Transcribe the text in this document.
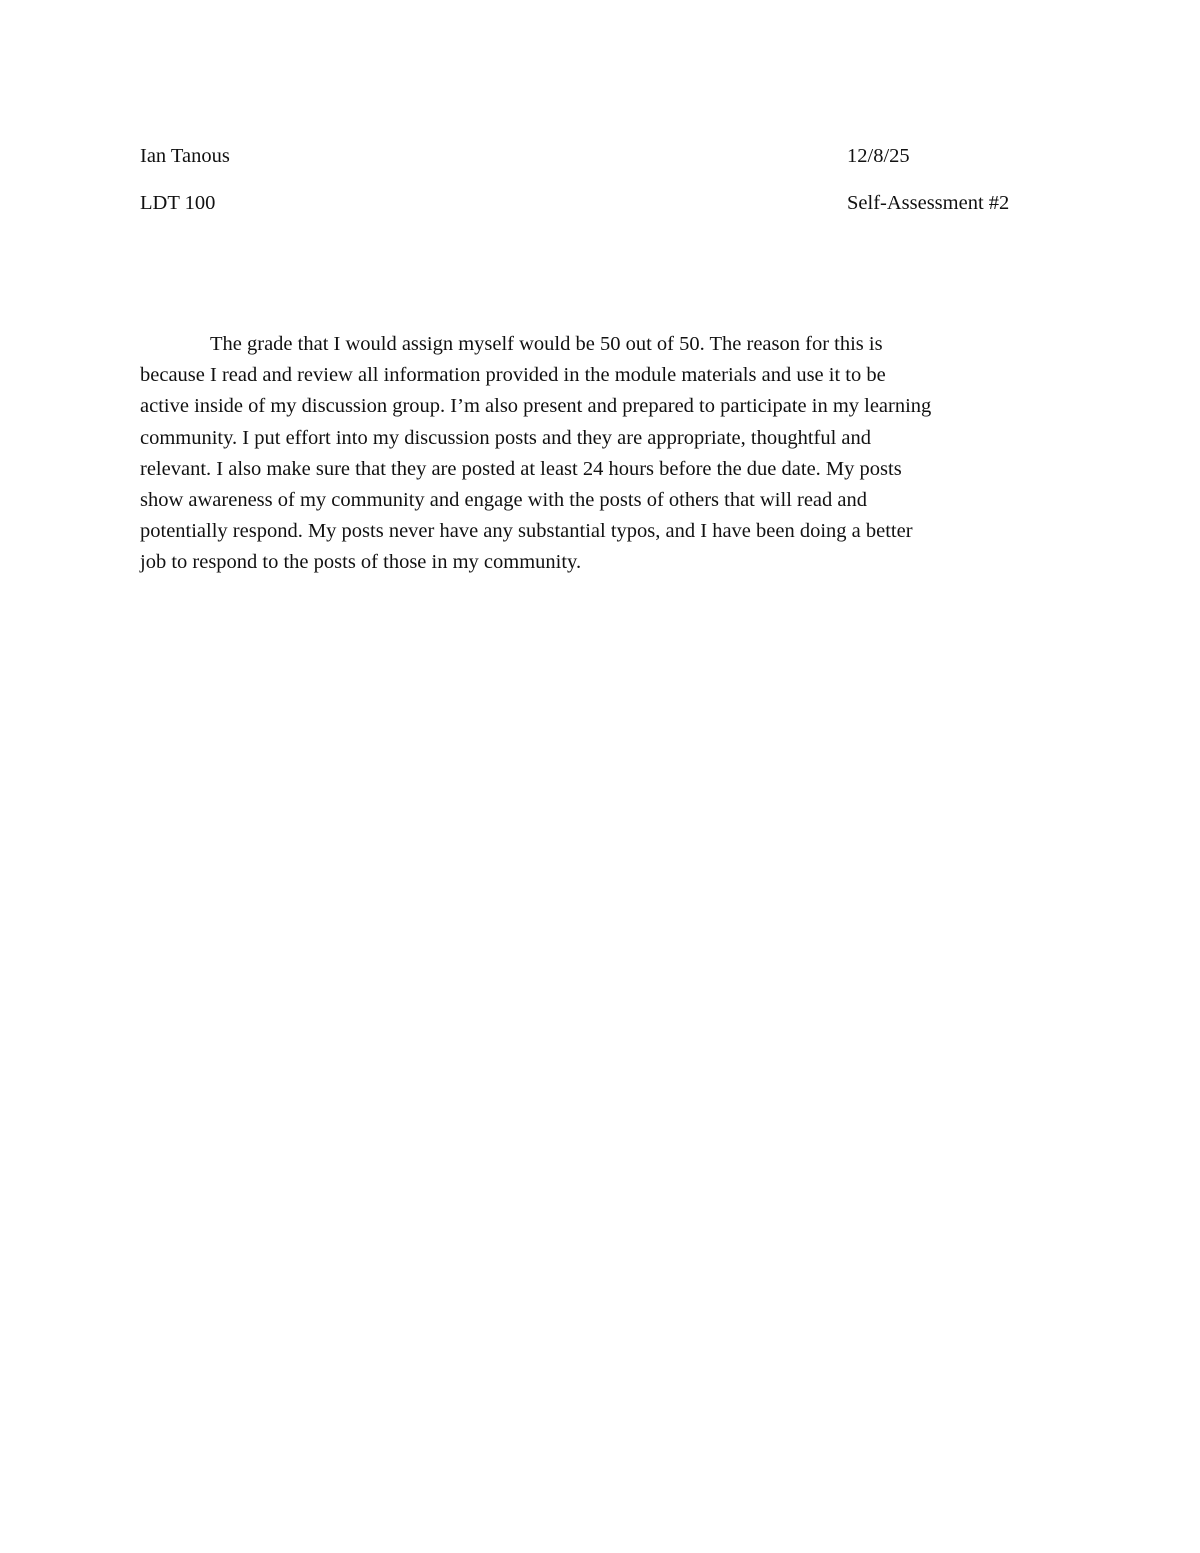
Ian Tanous	12/8/25
LDT 100	Self-Assessment #2
The grade that I would assign myself would be 50 out of 50. The reason for this is
because I read and review all information provided in the module materials and use it to be
active inside of my discussion group. I’m also present and prepared to participate in my learning
community. I put effort into my discussion posts and they are appropriate, thoughtful and
relevant. I also make sure that they are posted at least 24 hours before the due date. My posts
show awareness of my community and engage with the posts of others that will read and
potentially respond. My posts never have any substantial typos, and I have been doing a better
job to respond to the posts of those in my community.
